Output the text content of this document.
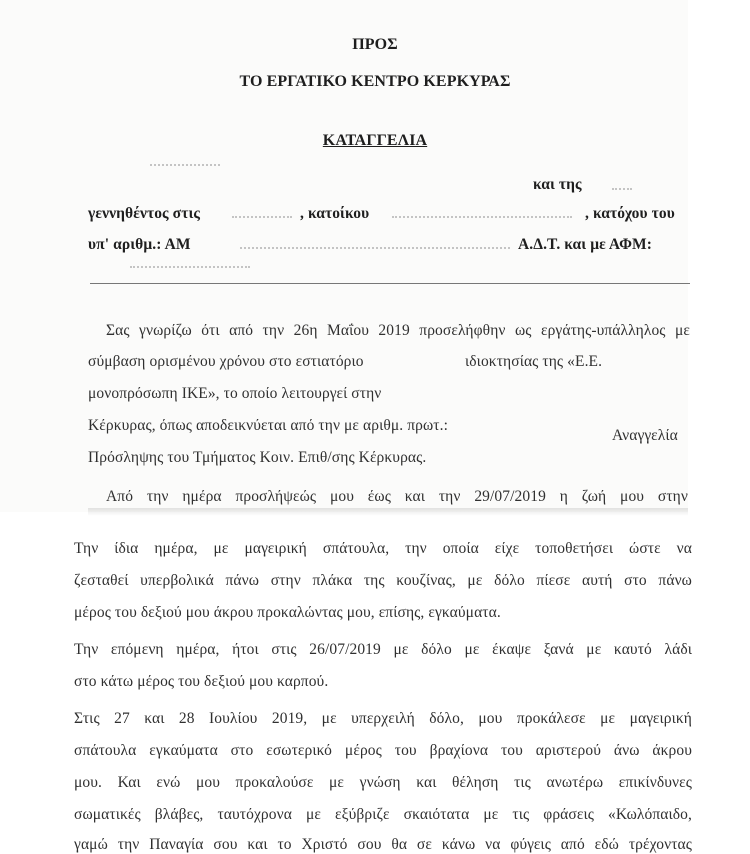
ΠΡΟΣ
ΤΟ ΕΡΓΑΤΙΚΟ ΚΕΝΤΡΟ ΚΕΡΚΥΡΑΣ
ΚΑΤΑΓΓΕΛΙΑ
και της
γεννηθέντος στις	, κατοίκου	, κατόχου του
υπ' αριθμ.: ΑΜ	Α.Δ.Τ. και με ΑΦΜ:
Σας γνωρίζω ότι από την 26η Μαΐου 2019 προσελήφθην ως εργάτης-υπάλληλος με
σύμβαση ορισμένου χρόνου στο εστιατόριο	ιδιοκτησίας της «Ε.Ε.
μονοπρόσωπη ΙΚΕ», το οποίο λειτουργεί στην
Κέρκυρας, όπως αποδεικνύεται από την με αριθμ. πρωτ.:
Αναγγελία
Πρόσληψης του Τμήματος Κοιν. Επιθ/σης Κέρκυρας.
Από την ημέρα προσλήψεώς μου έως και την 29/07/2019 η ζωή μου στην
Την ίδια ημέρα, με μαγειρική σπάτουλα, την οποία είχε τοποθετήσει ώστε να
ζεσταθεί υπερβολικά πάνω στην πλάκα της κουζίνας, με δόλο πίεσε αυτή στο πάνω
μέρος του δεξιού μου άκρου προκαλώντας μου, επίσης, εγκαύματα.
Την επόμενη ημέρα, ήτοι στις 26/07/2019 με δόλο με έκαψε ξανά με καυτό λάδι
στο κάτω μέρος του δεξιού μου καρπού.
Στις 27 και 28 Ιουλίου 2019, με υπερχειλή δόλο, μου προκάλεσε με μαγειρική
σπάτουλα εγκαύματα στο εσωτερικό μέρος του βραχίονα του αριστερού άνω άκρου
μου. Και ενώ μου προκαλούσε με γνώση και θέληση τις ανωτέρω επικίνδυνες
σωματικές βλάβες, ταυτόχρονα με εξύβριζε σκαιότατα με τις φράσεις «Κωλόπαιδο,
γαμώ την Παναγία σου και το Χριστό σου θα σε κάνω να φύγεις από εδώ τρέχοντας
